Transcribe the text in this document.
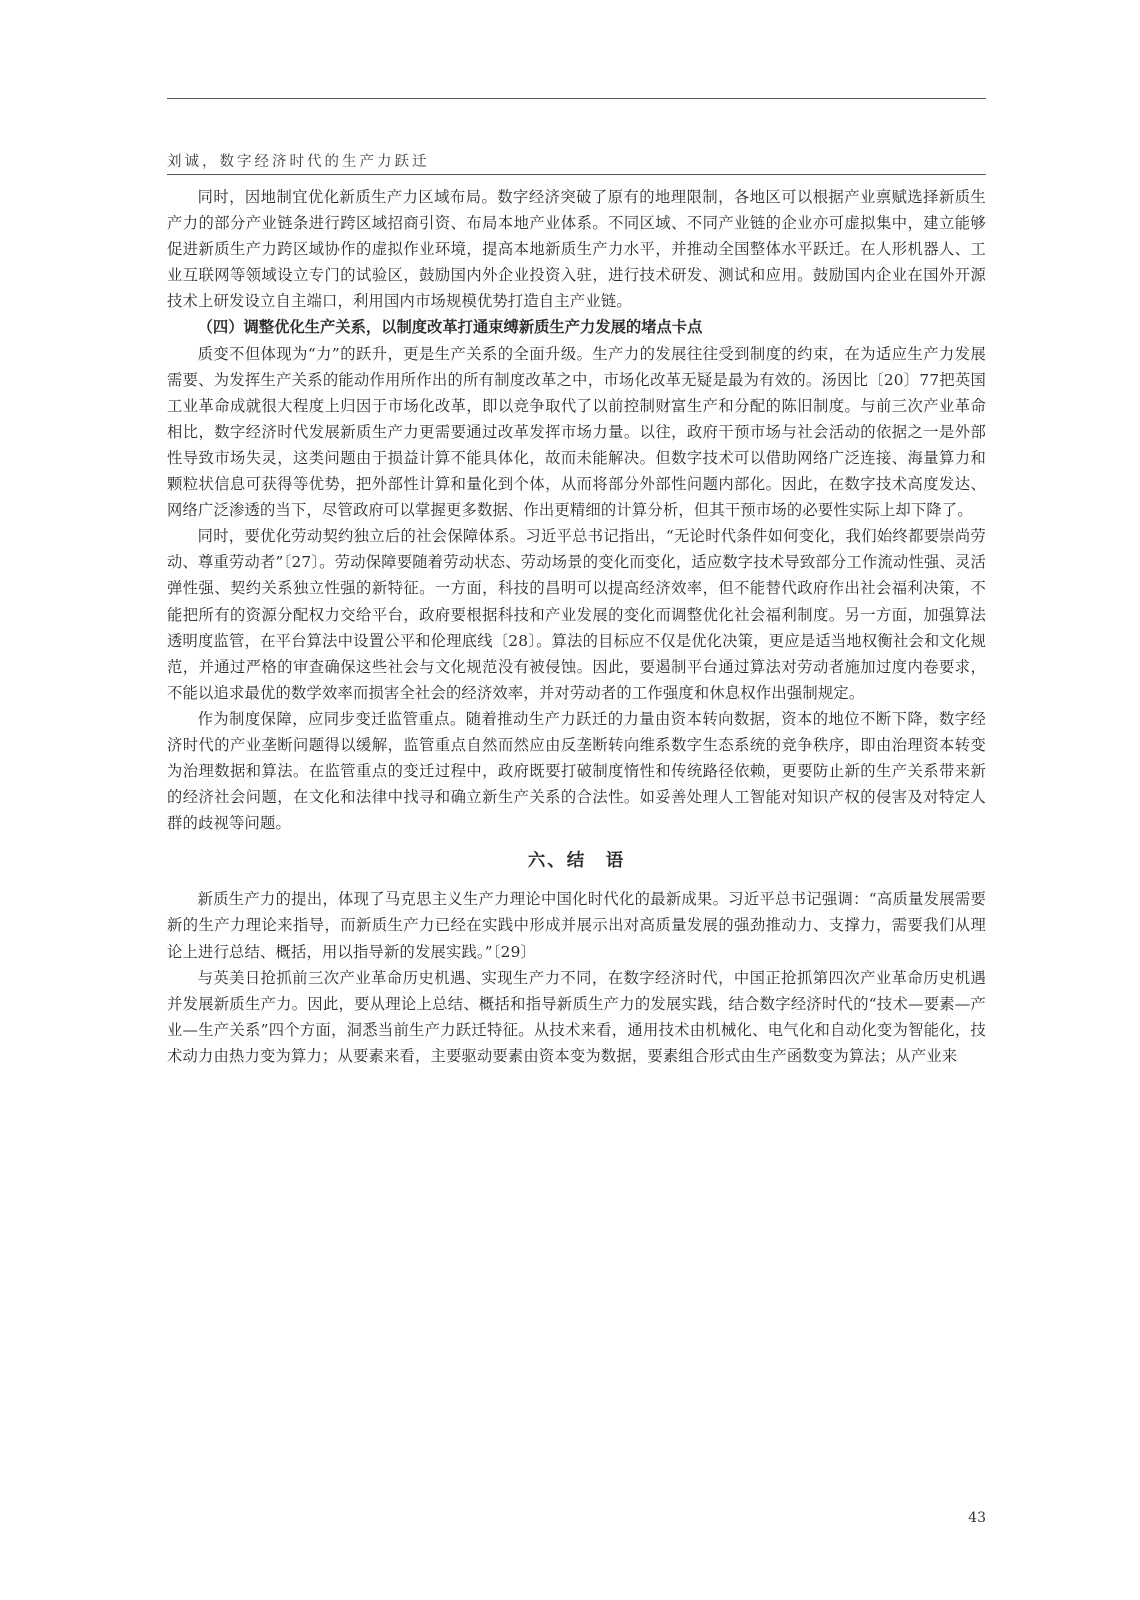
刘诚，数字经济时代的生产力跃迁

同时，因地制宜优化新质生产力区域布局。数字经济突破了原有的地理限制，各地区可以根据产业禀赋选择新质生产力的部分产业链条进行跨区域招商引资、布局本地产业体系。不同区域、不同产业链的企业亦可虚拟集中，建立能够促进新质生产力跨区域协作的虚拟作业环境，提高本地新质生产力水平，并推动全国整体水平跃迁。在人形机器人、工业互联网等领域设立专门的试验区，鼓励国内外企业投资入驻，进行技术研发、测试和应用。鼓励国内企业在国外开源技术上研发设立自主端口，利用国内市场规模优势打造自主产业链。

（四）调整优化生产关系，以制度改革打通束缚新质生产力发展的堵点卡点

质变不但体现为“力”的跃升，更是生产关系的全面升级。生产力的发展往往受到制度的约束，在为适应生产力发展需要、为发挥生产关系的能动作用所作出的所有制度改革之中，市场化改革无疑是最为有效的。汤因比〔20〕77把英国工业革命成就很大程度上归因于市场化改革，即以竞争取代了以前控制财富生产和分配的陈旧制度。与前三次产业革命相比，数字经济时代发展新质生产力更需要通过改革发挥市场力量。以往，政府干预市场与社会活动的依据之一是外部性导致市场失灵，这类问题由于损益计算不能具体化，故而未能解决。但数字技术可以借助网络广泛连接、海量算力和颗粒状信息可获得等优势，把外部性计算和量化到个体，从而将部分外部性问题内部化。因此，在数字技术高度发达、网络广泛渗透的当下，尽管政府可以掌握更多数据、作出更精细的计算分析，但其干预市场的必要性实际上却下降了。

同时，要优化劳动契约独立后的社会保障体系。习近平总书记指出，“无论时代条件如何变化，我们始终都要崇尚劳动、尊重劳动者”〔27〕。劳动保障要随着劳动状态、劳动场景的变化而变化，适应数字技术导致部分工作流动性强、灵活弹性强、契约关系独立性强的新特征。一方面，科技的昌明可以提高经济效率，但不能替代政府作出社会福利决策，不能把所有的资源分配权力交给平台，政府要根据科技和产业发展的变化而调整优化社会福利制度。另一方面，加强算法透明度监管，在平台算法中设置公平和伦理底线〔28〕。算法的目标应不仅是优化决策，更应是适当地权衡社会和文化规范，并通过严格的审查确保这些社会与文化规范没有被侵蚀。因此，要遏制平台通过算法对劳动者施加过度内卷要求，不能以追求最优的数学效率而损害全社会的经济效率，并对劳动者的工作强度和休息权作出强制规定。

作为制度保障，应同步变迁监管重点。随着推动生产力跃迁的力量由资本转向数据，资本的地位不断下降，数字经济时代的产业垄断问题得以缓解，监管重点自然而然应由反垄断转向维系数字生态系统的竞争秩序，即由治理资本转变为治理数据和算法。在监管重点的变迁过程中，政府既要打破制度惰性和传统路径依赖，更要防止新的生产关系带来新的经济社会问题，在文化和法律中找寻和确立新生产关系的合法性。如妥善处理人工智能对知识产权的侵害及对特定人群的歧视等问题。

六、结　语

新质生产力的提出，体现了马克思主义生产力理论中国化时代化的最新成果。习近平总书记强调：“高质量发展需要新的生产力理论来指导，而新质生产力已经在实践中形成并展示出对高质量发展的强劲推动力、支撑力，需要我们从理论上进行总结、概括，用以指导新的发展实践。”〔29〕

与英美日抢抓前三次产业革命历史机遇、实现生产力不同，在数字经济时代，中国正抢抓第四次产业革命历史机遇并发展新质生产力。因此，要从理论上总结、概括和指导新质生产力的发展实践，结合数字经济时代的“技术—要素—产业—生产关系”四个方面，洞悉当前生产力跃迁特征。从技术来看，通用技术由机械化、电气化和自动化变为智能化，技术动力由热力变为算力；从要素来看，主要驱动要素由资本变为数据，要素组合形式由生产函数变为算法；从产业来

43
